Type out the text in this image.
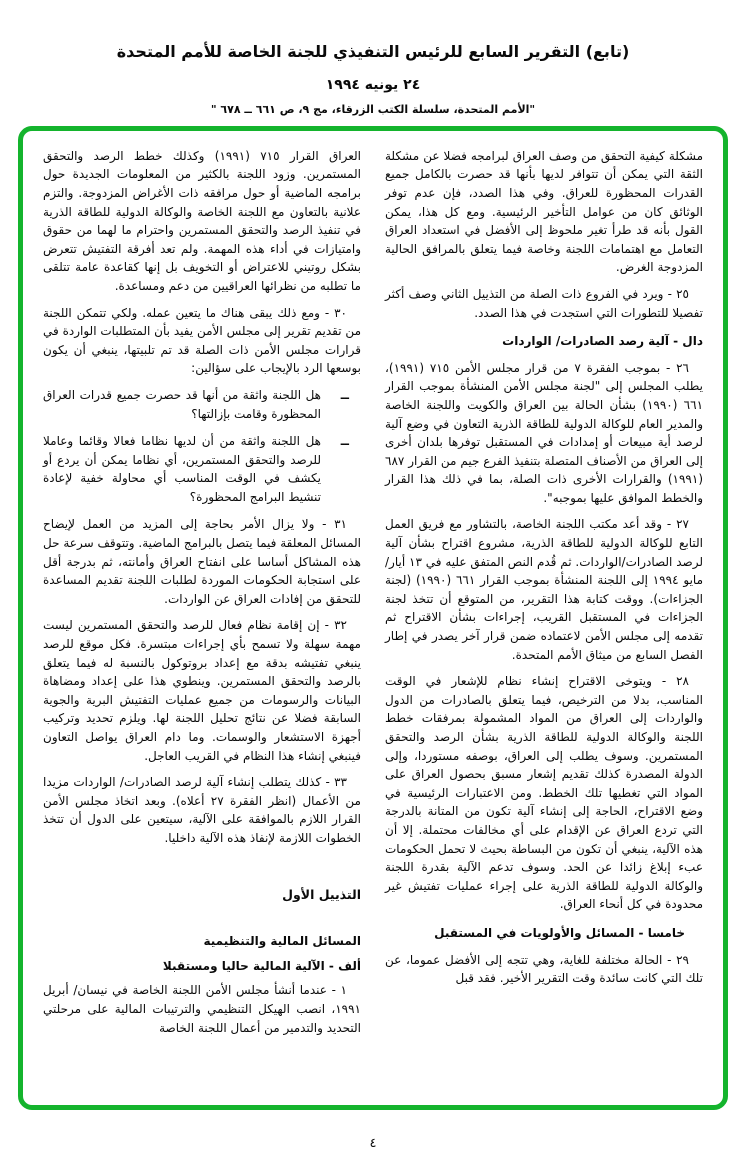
(تابع) التقرير السابع للرئيس التنفيذي للجنة الخاصة للأمم المتحدة
٢٤ يونيه ١٩٩٤
"الأمم المتحدة، سلسلة الكتب الزرقاء، مج ٩، ص ٦٦١ ــ ٦٧٨ "

مشكلة كيفية التحقق من وصف العراق لبرامجه فضلا عن مشكلة الثقة التي يمكن أن تتوافر لديها بأنها قد حصرت بالكامل جميع القدرات المحظورة للعراق. وفي هذا الصدد، فإن عدم توفر الوثائق كان من عوامل التأخير الرئيسية. ومع كل هذا، يمكن القول بأنه قد طرأ تغير ملحوظ إلى الأفضل في استعداد العراق التعامل مع اهتمامات اللجنة وخاصة فيما يتعلق بالمرافق الحالية المزدوجة الغرض.

٢٥ - ويرد في الفروع ذات الصلة من التذييل الثاني وصف أكثر تفصيلا للتطورات التي استجدت في هذا الصدد.

دال - آلية رصد الصادرات/ الواردات

٢٦ - بموجب الفقرة ٧ من قرار مجلس الأمن ٧١٥ (١٩٩١)، يطلب المجلس إلى "لجنة مجلس الأمن المنشأة بموجب القرار ٦٦١ (١٩٩٠) بشأن الحالة بين العراق والكويت واللجنة الخاصة والمدير العام للوكالة الدولية للطاقة الذرية التعاون في وضع آلية لرصد أية مبيعات أو إمدادات في المستقبل توفرها بلدان أخرى إلى العراق من الأصناف المتصلة بتنفيذ الفرع جيم من القرار ٦٨٧ (١٩٩١) والقرارات الأخرى ذات الصلة، بما في ذلك هذا القرار والخطط الموافق عليها بموجبه".

٢٧ - وقد أعد مكتب اللجنة الخاصة، بالتشاور مع فريق العمل التابع للوكالة الدولية للطاقة الذرية، مشروع اقتراح بشأن آلية لرصد الصادرات/الواردات. ثم قُدم النص المتفق عليه في ١٣ أيار/ مايو ١٩٩٤ إلى اللجنة المنشأة بموجب القرار ٦٦١ (١٩٩٠) (لجنة الجزاءات). ووقت كتابة هذا التقرير، من المتوقع أن تتخذ لجنة الجزاءات في المستقبل القريب، إجراءات بشأن الاقتراح ثم تقدمه إلى مجلس الأمن لاعتماده ضمن قرار آخر يصدر في إطار الفصل السابع من ميثاق الأمم المتحدة.

٢٨ - ويتوخى الاقتراح إنشاء نظام للإشعار في الوقت المناسب، بدلا من الترخيص، فيما يتعلق بالصادرات من الدول والواردات إلى العراق من المواد المشمولة بمرفقات خطط اللجنة والوكالة الدولية للطاقة الذرية بشأن الرصد والتحقق المستمرين. وسوف يطلب إلى العراق، بوصفه مستوردا، وإلى الدولة المصدرة كذلك تقديم إشعار مسبق بحصول العراق على المواد التي تغطيها تلك الخطط. ومن الاعتبارات الرئيسية في وضع الاقتراح، الحاجة إلى إنشاء آلية تكون من المتانة بالدرجة التي تردع العراق عن الإقدام على أي مخالفات محتملة. إلا أن هذه الآلية، ينبغي أن تكون من البساطة بحيث لا تحمل الحكومات عبء إبلاغ زائدا عن الحد. وسوف تدعم الآلية بقدرة اللجنة والوكالة الدولية للطاقة الذرية على إجراء عمليات تفتيش غير محدودة في كل أنحاء العراق.

خامسا - المسائل والأولويات في المستقبل

٢٩ - الحالة مختلفة للغاية، وهي تتجه إلى الأفضل عموما، عن تلك التي كانت سائدة وقت التقرير الأخير. فقد قبل

العراق القرار ٧١٥ (١٩٩١) وكذلك خطط الرصد والتحقق المستمرين. وزود اللجنة بالكثير من المعلومات الجديدة حول برامجه الماضية أو حول مرافقه ذات الأغراض المزدوجة. والتزم علانية بالتعاون مع اللجنة الخاصة والوكالة الدولية للطاقة الذرية في تنفيذ الرصد والتحقق المستمرين واحترام ما لهما من حقوق وامتيازات في أداء هذه المهمة. ولم تعد أفرقة التفتيش تتعرض بشكل روتيني للاعتراض أو التخويف بل إنها كقاعدة عامة تتلقى ما تطلبه من نظرائها العراقيين من دعم ومساعدة.

٣٠ - ومع ذلك يبقى هناك ما يتعين عمله. ولكي تتمكن اللجنة من تقديم تقرير إلى مجلس الأمن يفيد بأن المتطلبات الواردة في قرارات مجلس الأمن ذات الصلة قد تم تلبيتها، ينبغي أن يكون بوسعها الرد بالإيجاب على سؤالين:

ــ
هل اللجنة واثقة من أنها قد حصرت جميع قدرات العراق المحظورة وقامت بإزالتها؟
ــ
هل اللجنة واثقة من أن لديها نظاما فعالا وقائما وعاملا للرصد والتحقق المستمرين، أي نظاما يمكن أن يردع أو يكشف في الوقت المناسب أي محاولة خفية لإعادة تنشيط البرامج المحظورة؟

٣١ - ولا يزال الأمر بحاجة إلى المزيد من العمل لإيضاح المسائل المعلقة فيما يتصل بالبرامج الماضية. وتتوقف سرعة حل هذه المشاكل أساسا على انفتاح العراق وأمانته، ثم بدرجة أقل على استجابة الحكومات الموردة لطلبات اللجنة تقديم المساعدة للتحقق من إفادات العراق عن الواردات.

٣٢ - إن إقامة نظام فعال للرصد والتحقق المستمرين ليست مهمة سهلة ولا تسمح بأي إجراءات مبتسرة. فكل موقع للرصد ينبغي تفتيشه بدقة مع إعداد بروتوكول بالنسبة له فيما يتعلق بالرصد والتحقق المستمرين. وينطوي هذا على إعداد ومضاهاة البيانات والرسومات من جميع عمليات التفتيش البرية والجوية السابقة فضلا عن نتائج تحليل اللجنة لها. ويلزم تحديد وتركيب أجهزة الاستشعار والوسمات. وما دام العراق يواصل التعاون فينبغي إنشاء هذا النظام في القريب العاجل.

٣٣ - كذلك يتطلب إنشاء آلية لرصد الصادرات/ الواردات مزيدا من الأعمال (انظر الفقرة ٢٧ أعلاه). وبعد اتخاذ مجلس الأمن القرار اللازم بالموافقة على الآلية، سيتعين على الدول أن تتخذ الخطوات اللازمة لإنفاذ هذه الآلية داخليا.

التذييل الأول
المسائل المالية والتنظيمية
ألف - الآلية المالية حاليا ومستقبلا

١ - عندما أنشأ مجلس الأمن اللجنة الخاصة في نيسان/ أبريل ١٩٩١، انصب الهيكل التنظيمي والترتيبات المالية على مرحلتي التحديد والتدمير من أعمال اللجنة الخاصة

٤
